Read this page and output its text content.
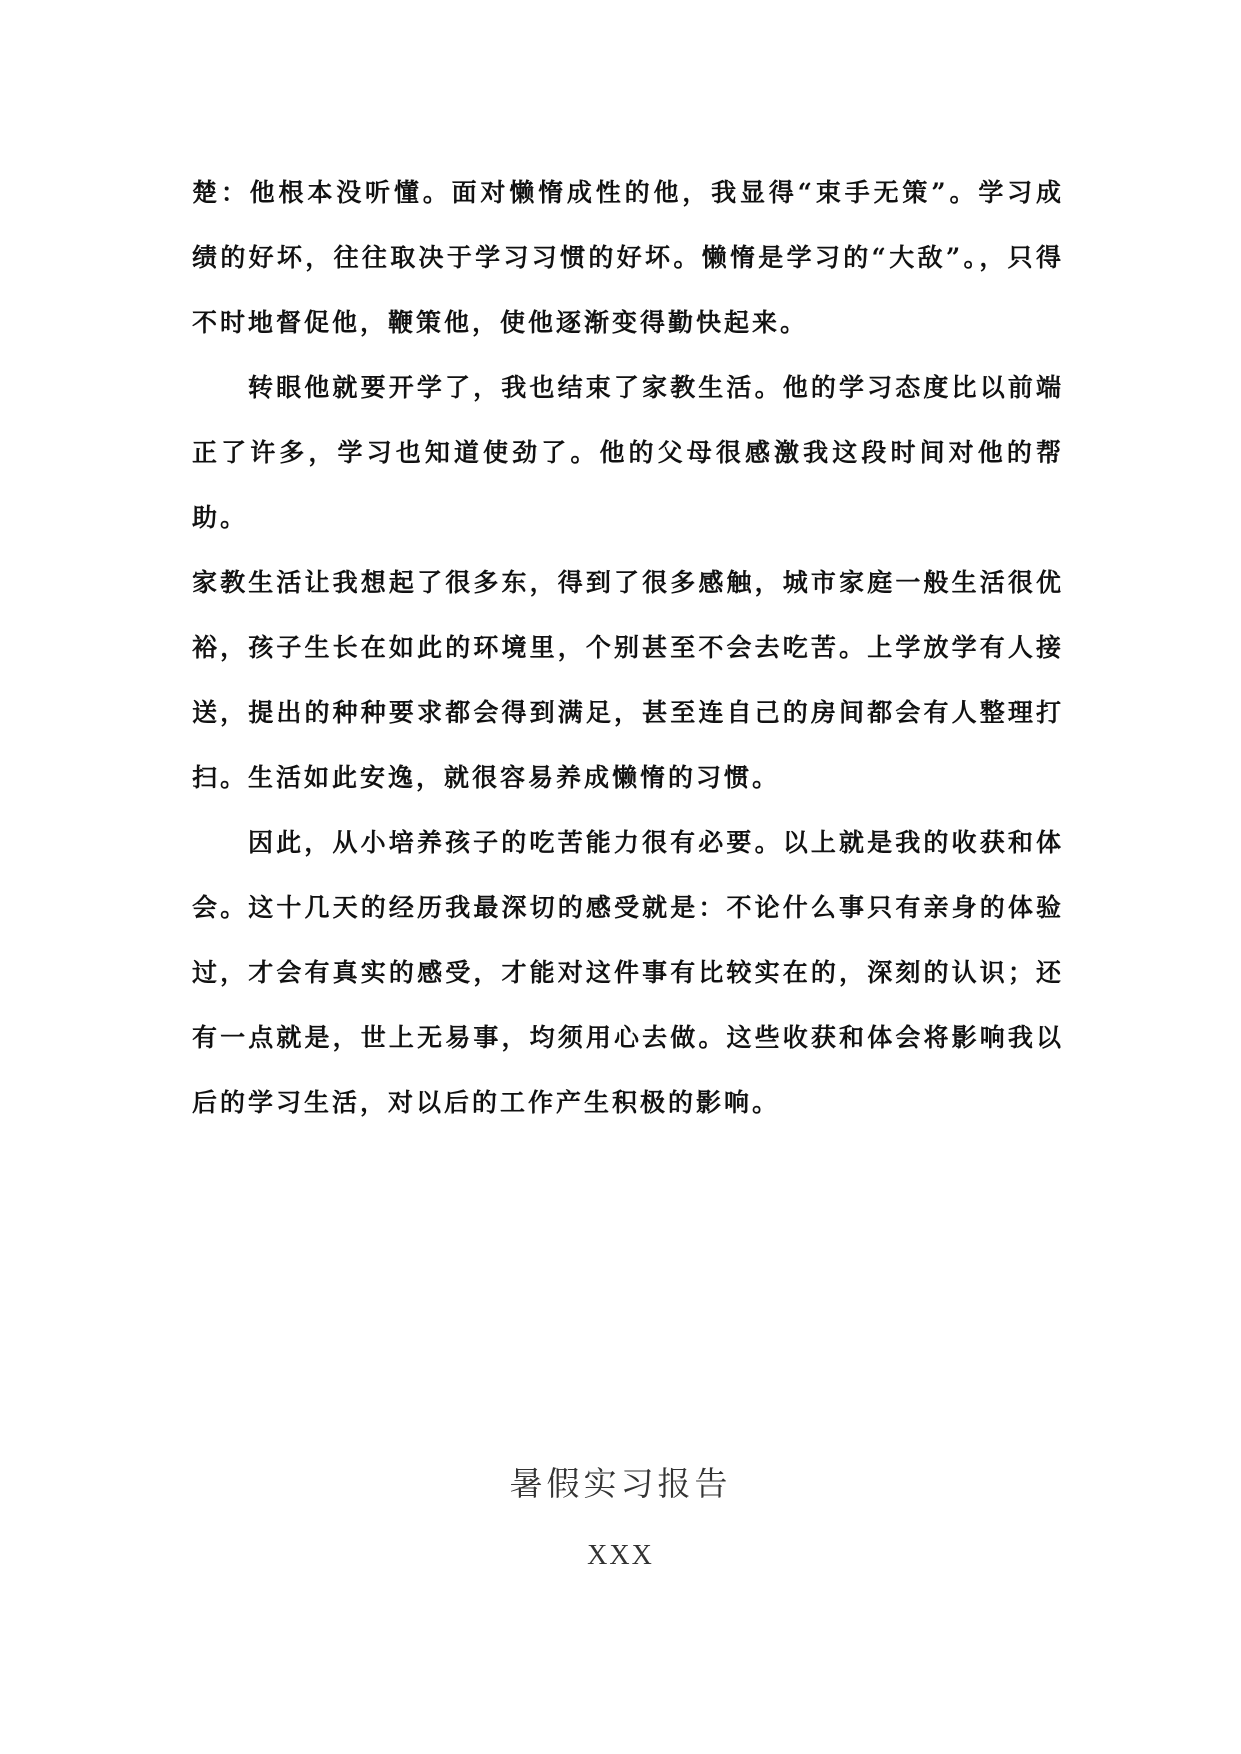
楚：他根本没听懂。面对懒惰成性的他，我显得“束手无策”。学习成绩的好坏，往往取决于学习习惯的好坏。懒惰是学习的“大敌”。，只得不时地督促他，鞭策他，使他逐渐变得勤快起来。

转眼他就要开学了，我也结束了家教生活。他的学习态度比以前端正了许多，学习也知道使劲了。他的父母很感激我这段时间对他的帮助。

家教生活让我想起了很多东，得到了很多感触，城市家庭一般生活很优裕，孩子生长在如此的环境里，个别甚至不会去吃苦。上学放学有人接送，提出的种种要求都会得到满足，甚至连自己的房间都会有人整理打扫。生活如此安逸，就很容易养成懒惰的习惯。

因此，从小培养孩子的吃苦能力很有必要。以上就是我的收获和体会。这十几天的经历我最深切的感受就是：不论什么事只有亲身的体验过，才会有真实的感受，才能对这件事有比较实在的，深刻的认识；还有一点就是，世上无易事，均须用心去做。这些收获和体会将影响我以后的学习生活，对以后的工作产生积极的影响。

暑假实习报告
XXX
